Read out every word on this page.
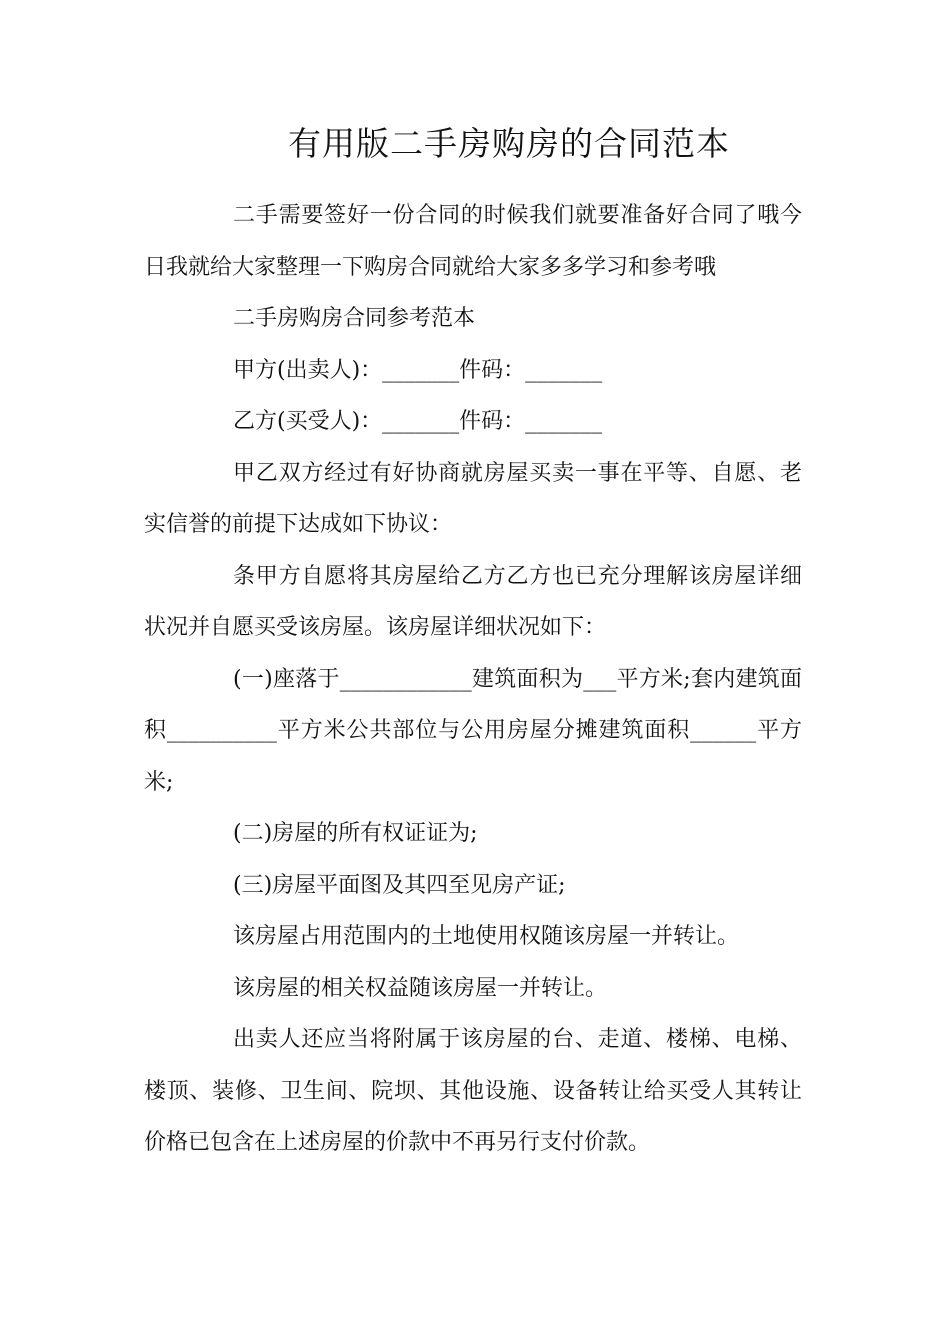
有用版二手房购房的合同范本

二手需要签好一份合同的时候我们就要准备好合同了哦今日我就给大家整理一下购房合同就给大家多多学习和参考哦

二手房购房合同参考范本

甲方(出卖人)：_______件码：_______

乙方(买受人)：_______件码：_______

甲乙双方经过有好协商就房屋买卖一事在平等、自愿、老实信誉的前提下达成如下协议：

条甲方自愿将其房屋给乙方乙方也已充分理解该房屋详细状况并自愿买受该房屋。该房屋详细状况如下：

(一)座落于____________建筑面积为___平方米;套内建筑面积__________平方米公共部位与公用房屋分摊建筑面积______平方米;

(二)房屋的所有权证证为;

(三)房屋平面图及其四至见房产证;

该房屋占用范围内的土地使用权随该房屋一并转让。

该房屋的相关权益随该房屋一并转让。

出卖人还应当将附属于该房屋的台、走道、楼梯、电梯、楼顶、装修、卫生间、院坝、其他设施、设备转让给买受人其转让价格已包含在上述房屋的价款中不再另行支付价款。
